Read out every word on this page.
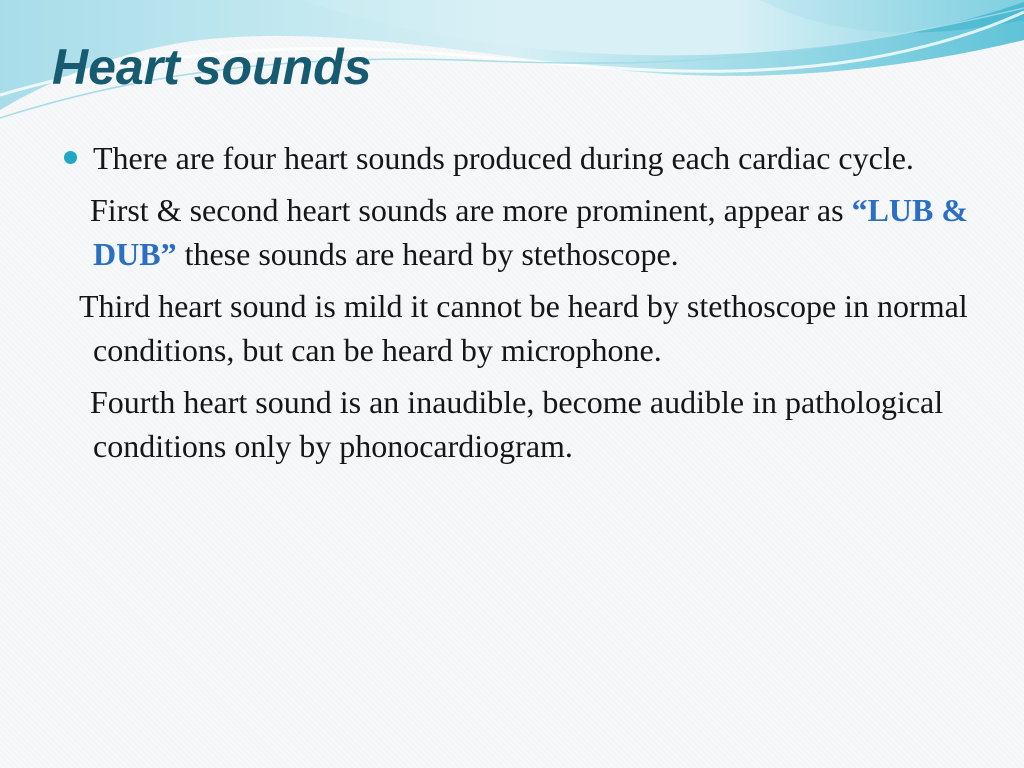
Heart sounds
There are four heart sounds produced during each cardiac cycle.
First & second heart sounds are more prominent, appear as “LUB & DUB” these sounds are heard by stethoscope.
Third heart sound is mild it cannot be heard by stethoscope in normal conditions, but can be heard by microphone.
Fourth heart sound is an inaudible, become audible in pathological conditions only by phonocardiogram.
